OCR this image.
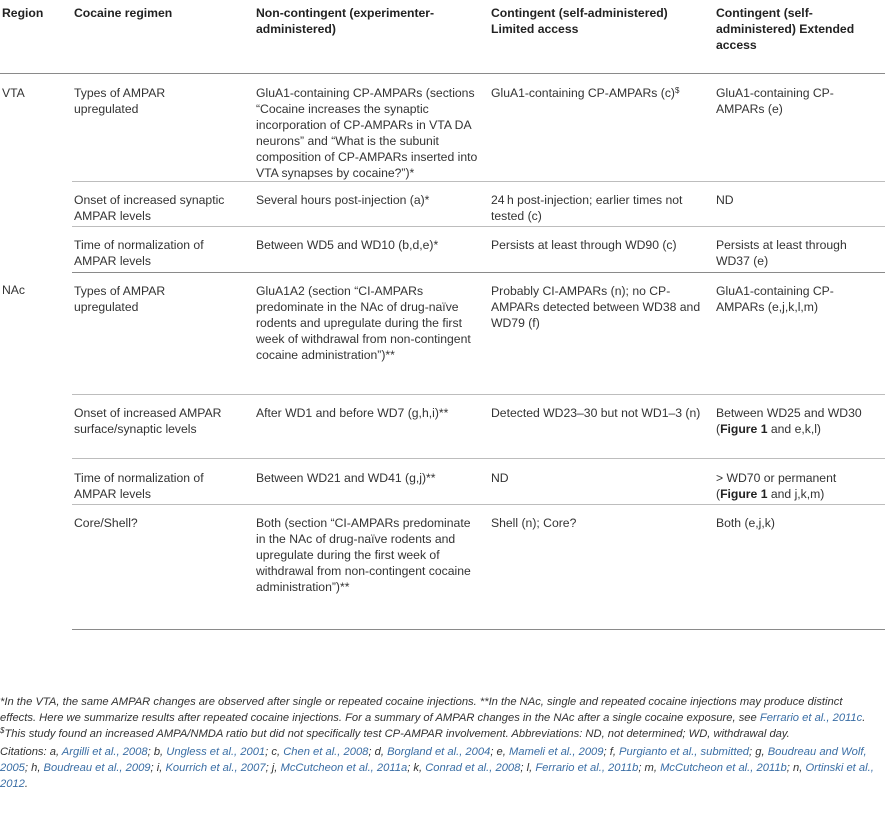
Region	Cocaine regimen	Non-contingent (experimenter-administered)	Contingent (self-administered) Limited access	Contingent (self-administered) Extended access
VTA	Types of AMPAR upregulated	GluA1-containing CP-AMPARs (sections “Cocaine increases the synaptic incorporation of CP-AMPARs in VTA DA neurons” and “What is the subunit composition of CP-AMPARs inserted into VTA synapses by cocaine?”)*	GluA1-containing CP-AMPARs (c)$	GluA1-containing CP-AMPARs (e)
	Onset of increased synaptic AMPAR levels	Several hours post-injection (a)*	24 h post-injection; earlier times not tested (c)	ND
	Time of normalization of AMPAR levels	Between WD5 and WD10 (b,d,e)*	Persists at least through WD90 (c)	Persists at least through WD37 (e)
NAc	Types of AMPAR upregulated	GluA1A2 (section “CI-AMPARs predominate in the NAc of drug-naïve rodents and upregulate during the first week of withdrawal from non-contingent cocaine administration”)**	Probably CI-AMPARs (n); no CP-AMPARs detected between WD38 and WD79 (f)	GluA1-containing CP-AMPARs (e,j,k,l,m)
	Onset of increased AMPAR surface/synaptic levels	After WD1 and before WD7 (g,h,i)**	Detected WD23–30 but not WD1–3 (n)	Between WD25 and WD30 (Figure 1 and e,k,l)
	Time of normalization of AMPAR levels	Between WD21 and WD41 (g,j)**	ND	> WD70 or permanent (Figure 1 and j,k,m)
	Core/Shell?	Both (section “CI-AMPARs predominate in the NAc of drug-naïve rodents and upregulate during the first week of withdrawal from non-contingent cocaine administration”)**	Shell (n); Core?	Both (e,j,k)

*In the VTA, the same AMPAR changes are observed after single or repeated cocaine injections. **In the NAc, single and repeated cocaine injections may produce distinct effects. Here we summarize results after repeated cocaine injections. For a summary of AMPAR changes in the NAc after a single cocaine exposure, see Ferrario et al., 2011c. $This study found an increased AMPA/NMDA ratio but did not specifically test CP-AMPAR involvement. Abbreviations: ND, not determined; WD, withdrawal day.

Citations: a, Argilli et al., 2008; b, Ungless et al., 2001; c, Chen et al., 2008; d, Borgland et al., 2004; e, Mameli et al., 2009; f, Purgianto et al., submitted; g, Boudreau and Wolf, 2005; h, Boudreau et al., 2009; i, Kourrich et al., 2007; j, McCutcheon et al., 2011a; k, Conrad et al., 2008; l, Ferrario et al., 2011b; m, McCutcheon et al., 2011b; n, Ortinski et al., 2012.
